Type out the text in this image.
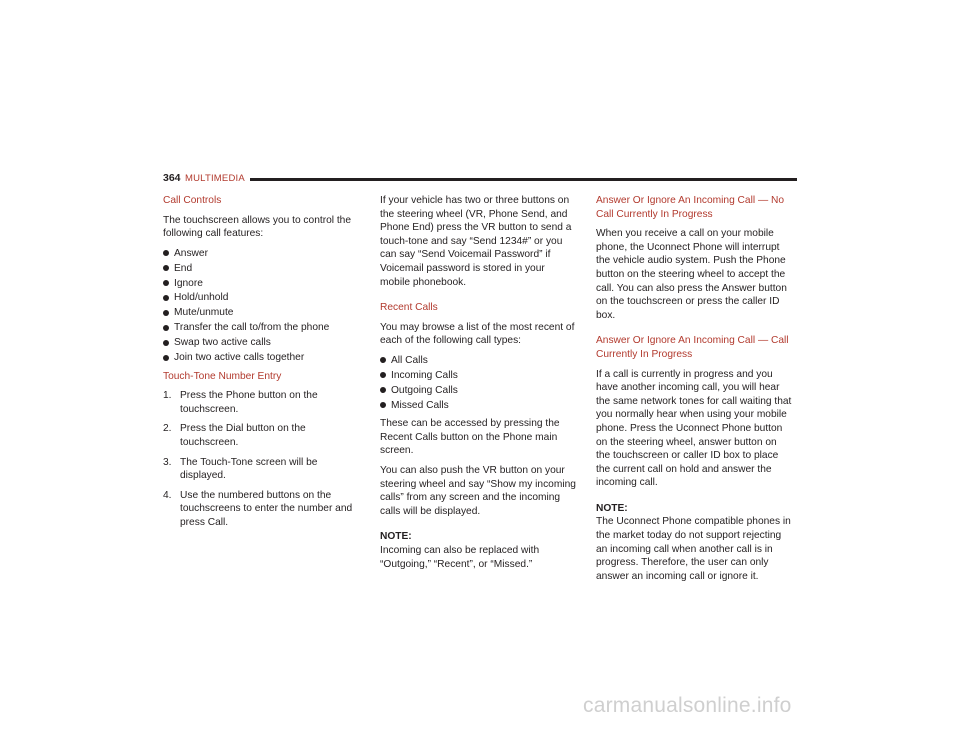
364 MULTIMEDIA
Call Controls

The touchscreen allows you to control the following call features:

Answer
End
Ignore
Hold/unhold
Mute/unmute
Transfer the call to/from the phone
Swap two active calls
Join two active calls together
Touch-Tone Number Entry
1. Press the Phone button on the touchscreen.
2. Press the Dial button on the touchscreen.
3. The Touch-Tone screen will be displayed.
4. Use the numbered buttons on the touchscreens to enter the number and press Call.

If your vehicle has two or three buttons on the steering wheel (VR, Phone Send, and Phone End) press the VR button to send a touch-tone and say “Send 1234#” or you can say “Send Voicemail Password” if Voicemail password is stored in your mobile phonebook.

Recent Calls

You may browse a list of the most recent of each of the following call types:

All Calls
Incoming Calls
Outgoing Calls
Missed Calls

These can be accessed by pressing the Recent Calls button on the Phone main screen.

You can also push the VR button on your steering wheel and say “Show my incoming calls” from any screen and the incoming calls will be displayed.

NOTE:

Incoming can also be replaced with “Outgoing,” “Recent”, or “Missed.”

Answer Or Ignore An Incoming Call — No Call Currently In Progress

When you receive a call on your mobile phone, the Uconnect Phone will interrupt the vehicle audio system. Push the Phone button on the steering wheel to accept the call. You can also press the Answer button on the touchscreen or press the caller ID box.

Answer Or Ignore An Incoming Call — Call Currently In Progress

If a call is currently in progress and you have another incoming call, you will hear the same network tones for call waiting that you normally hear when using your mobile phone. Press the Uconnect Phone button on the steering wheel, answer button on the touchscreen or caller ID box to place the current call on hold and answer the incoming call.

NOTE:

The Uconnect Phone compatible phones in the market today do not support rejecting an incoming call when another call is in progress. Therefore, the user can only answer an incoming call or ignore it.

carmanualsonline.info
